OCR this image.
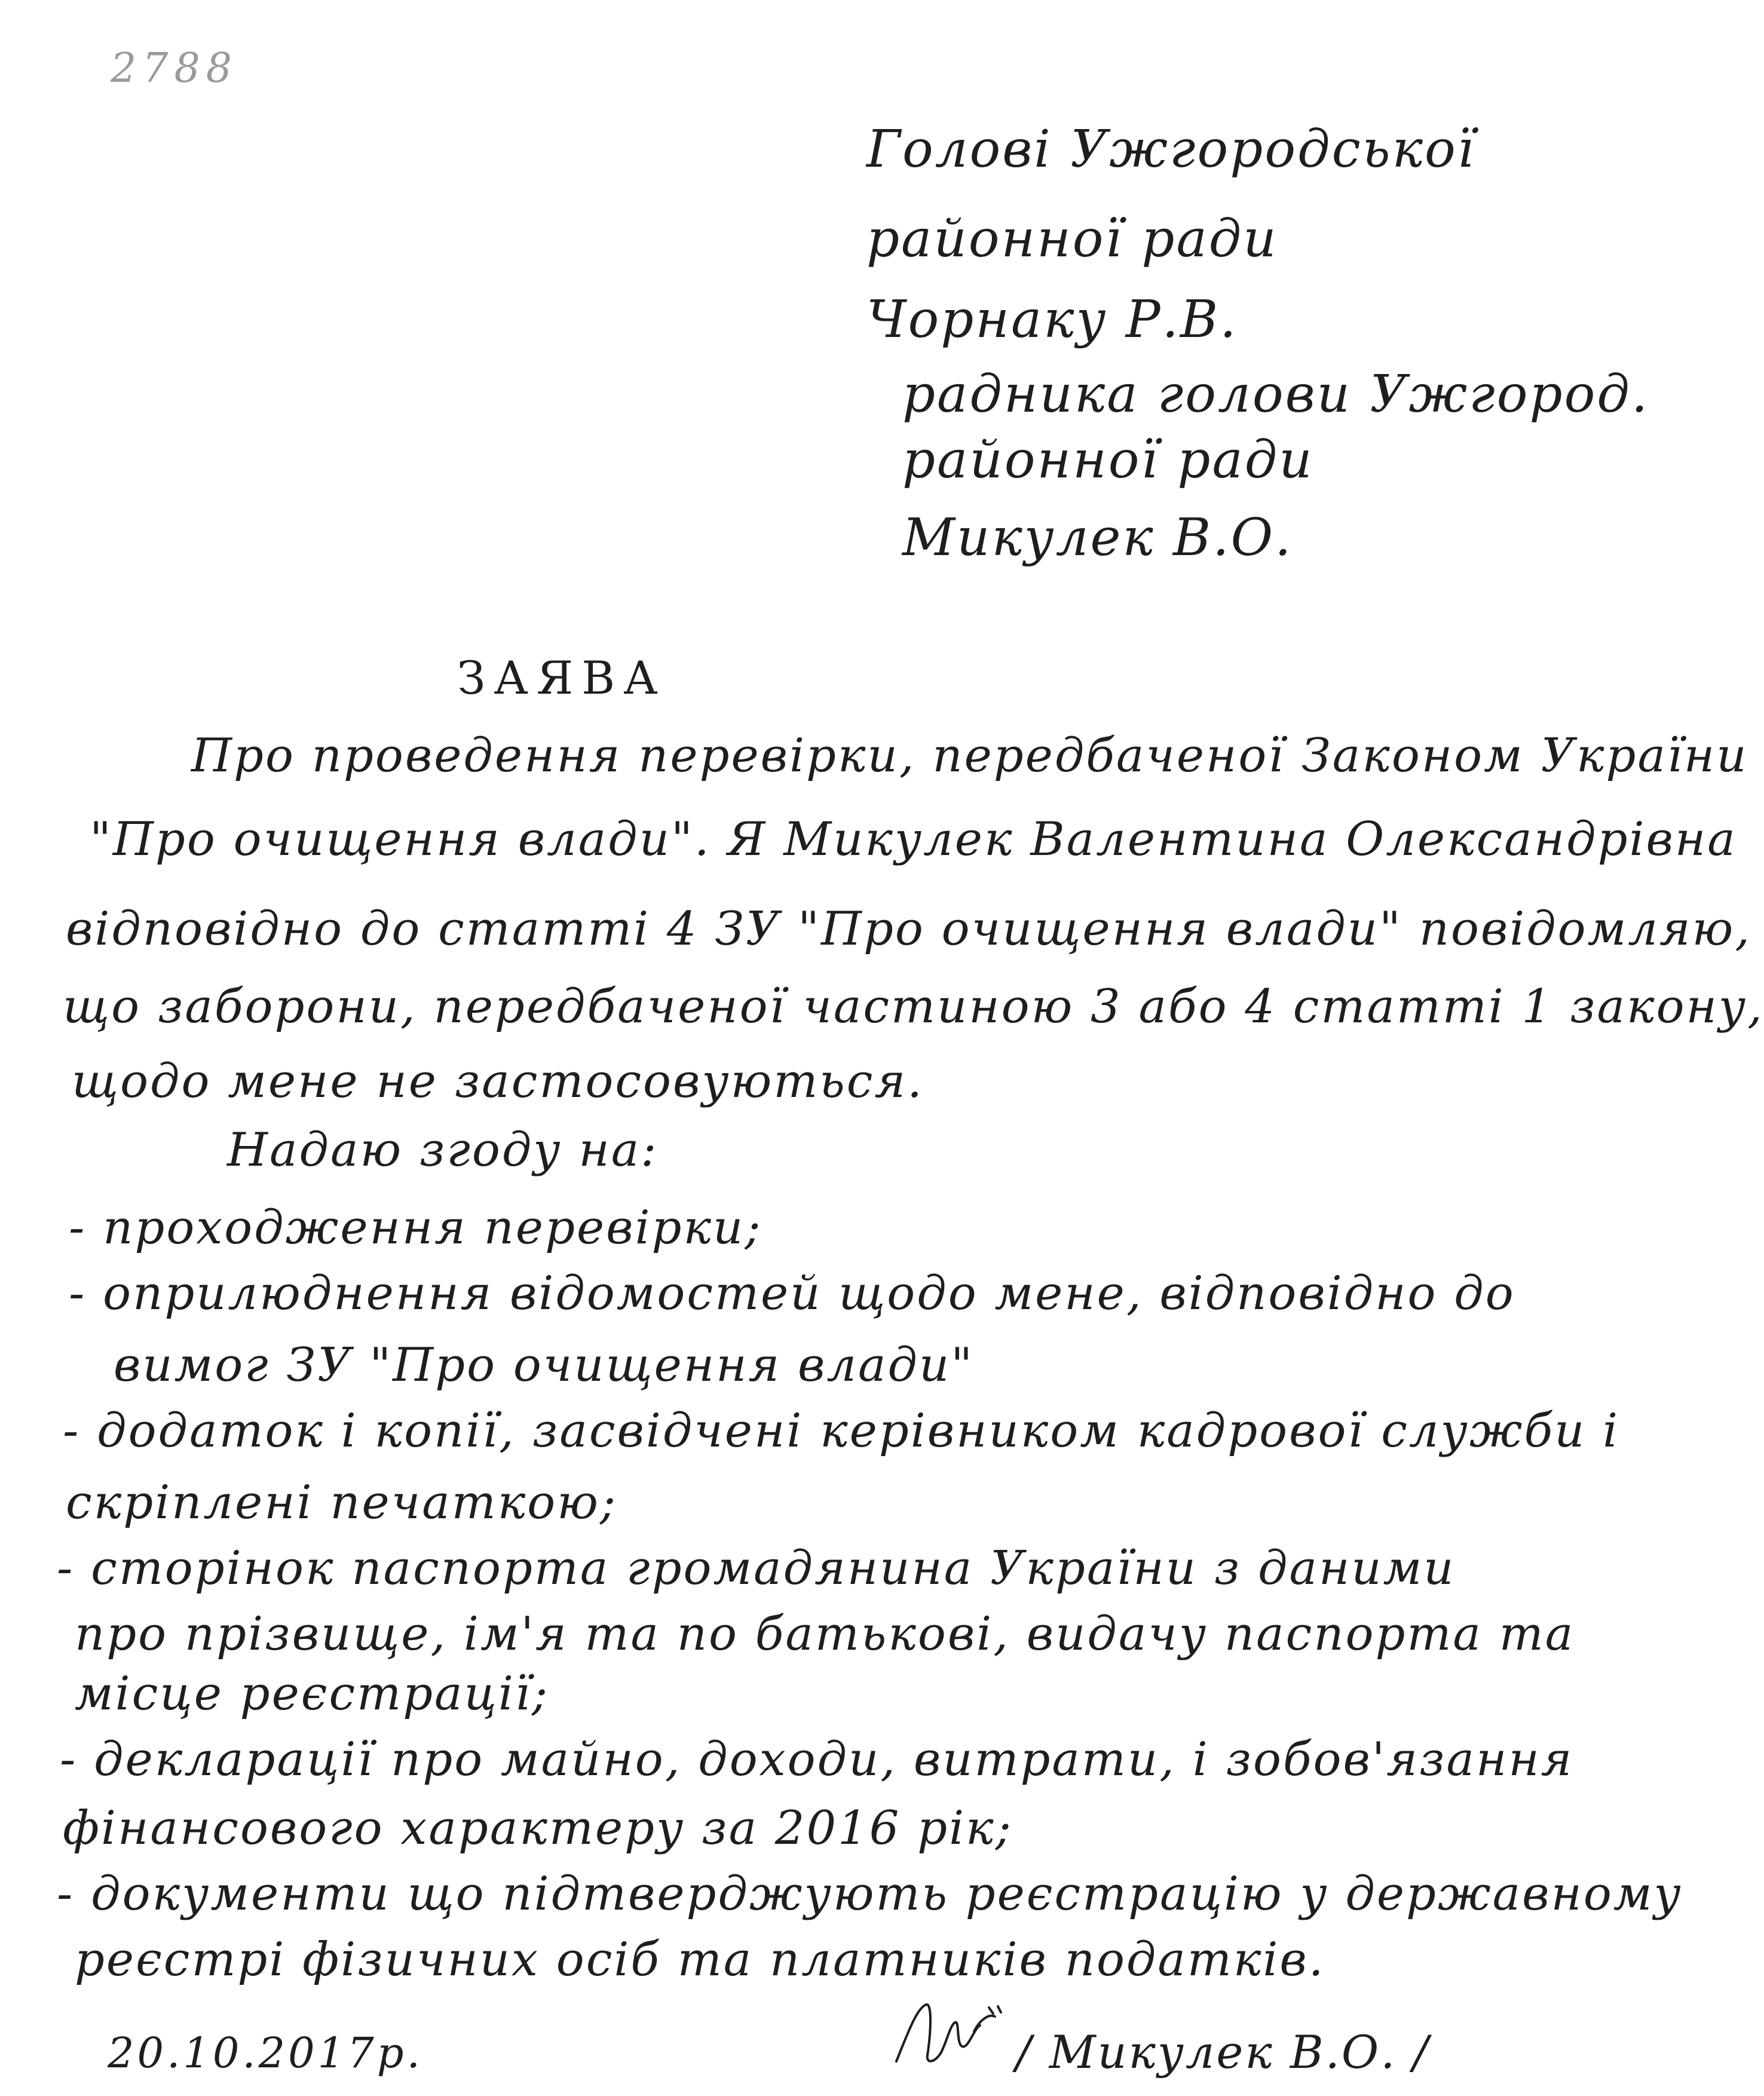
2788
Голові Ужгородської
районної ради
Чорнаку Р.В.
радника голови Ужгород.
районної ради
Микулек В.О.
ЗАЯВА
Про проведення перевірки, передбаченої Законом України
"Про очищення влади". Я Микулек Валентина Олександрівна
відповідно до статті 4 ЗУ "Про очищення влади" повідомляю,
що заборони, передбаченої частиною 3 або 4 статті 1 закону,
щодо мене не застосовуються.
Надаю згоду на:
- проходження перевірки;
- оприлюднення відомостей щодо мене, відповідно до
вимог ЗУ "Про очищення влади"
- додаток і копії, засвідчені керівником кадрової служби і
скріплені печаткою;
- сторінок паспорта громадянина України з даними
про прізвище, ім'я та по батькові, видачу паспорта та
місце реєстрації;
- декларації про майно, доходи, витрати, і зобов'язання
фінансового характеру за 2016 рік;
- документи що підтверджують реєстрацію у державному
реєстрі фізичних осіб та платників податків.
20.10.2017р.	/ Микулек В.О. /
